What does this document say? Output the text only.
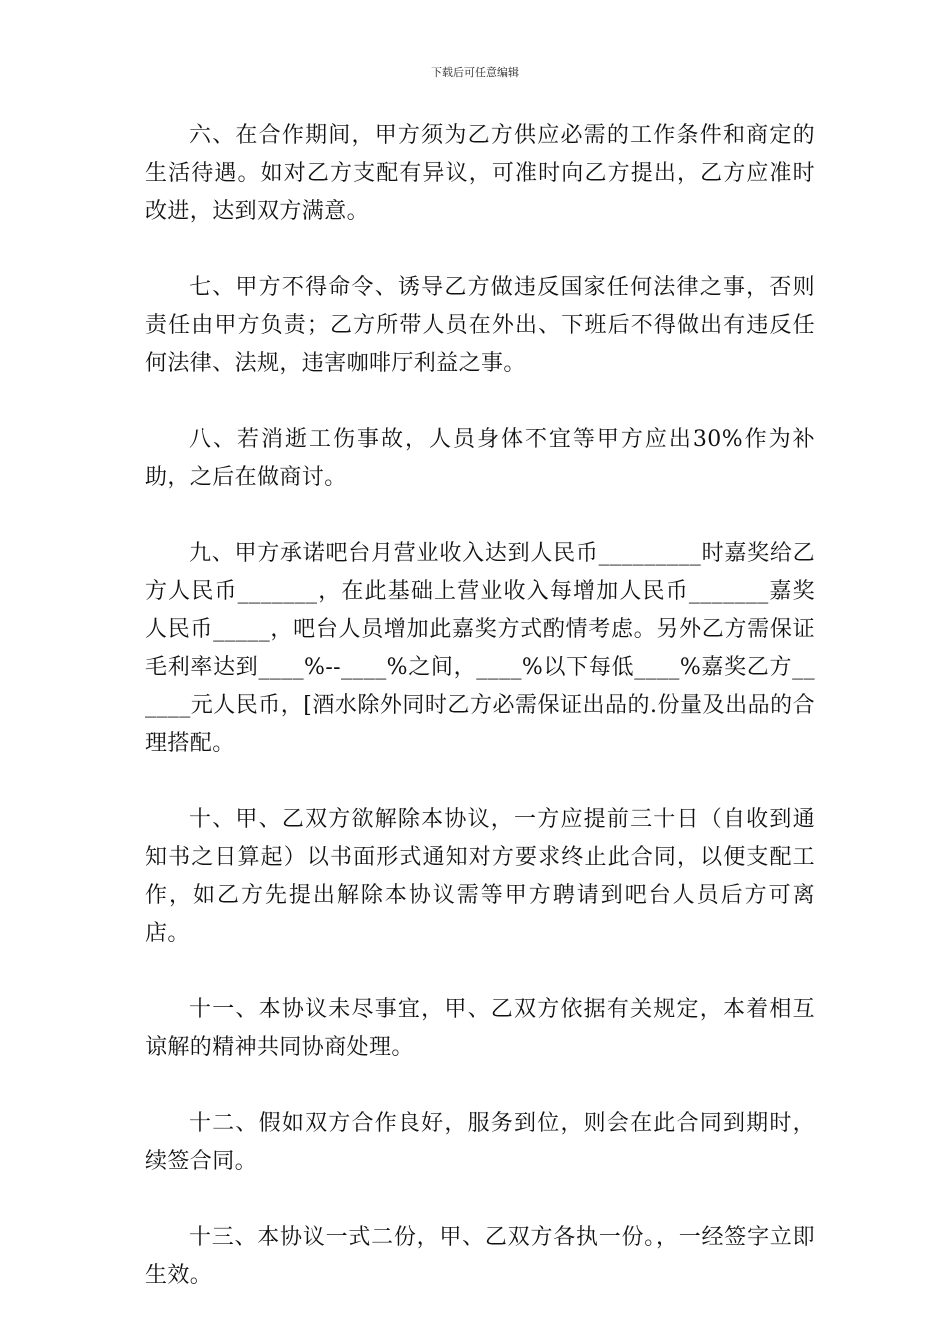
下载后可任意编辑

六、在合作期间，甲方须为乙方供应必需的工作条件和商定的生活待遇。如对乙方支配有异议，可准时向乙方提出，乙方应准时改进，达到双方满意。

七、甲方不得命令、诱导乙方做违反国家任何法律之事，否则责任由甲方负责；乙方所带人员在外出、下班后不得做出有违反任何法律、法规，违害咖啡厅利益之事。

八、若消逝工伤事故，人员身体不宜等甲方应出30%作为补助，之后在做商讨。

九、甲方承诺吧台月营业收入达到人民币_________时嘉奖给乙方人民币_______，在此基础上营业收入每增加人民币_______嘉奖人民币_____，吧台人员增加此嘉奖方式酌情考虑。另外乙方需保证毛利率达到____%--____%之间，____%以下每低____%嘉奖乙方______元人民币，[酒水除外同时乙方必需保证出品的.份量及出品的合理搭配。

十、甲、乙双方欲解除本协议，一方应提前三十日（自收到通知书之日算起）以书面形式通知对方要求终止此合同，以便支配工作，如乙方先提出解除本协议需等甲方聘请到吧台人员后方可离店。

十一、本协议未尽事宜，甲、乙双方依据有关规定，本着相互谅解的精神共同协商处理。

十二、假如双方合作良好，服务到位，则会在此合同到期时，续签合同。

十三、本协议一式二份，甲、乙双方各执一份。，一经签字立即生效。
